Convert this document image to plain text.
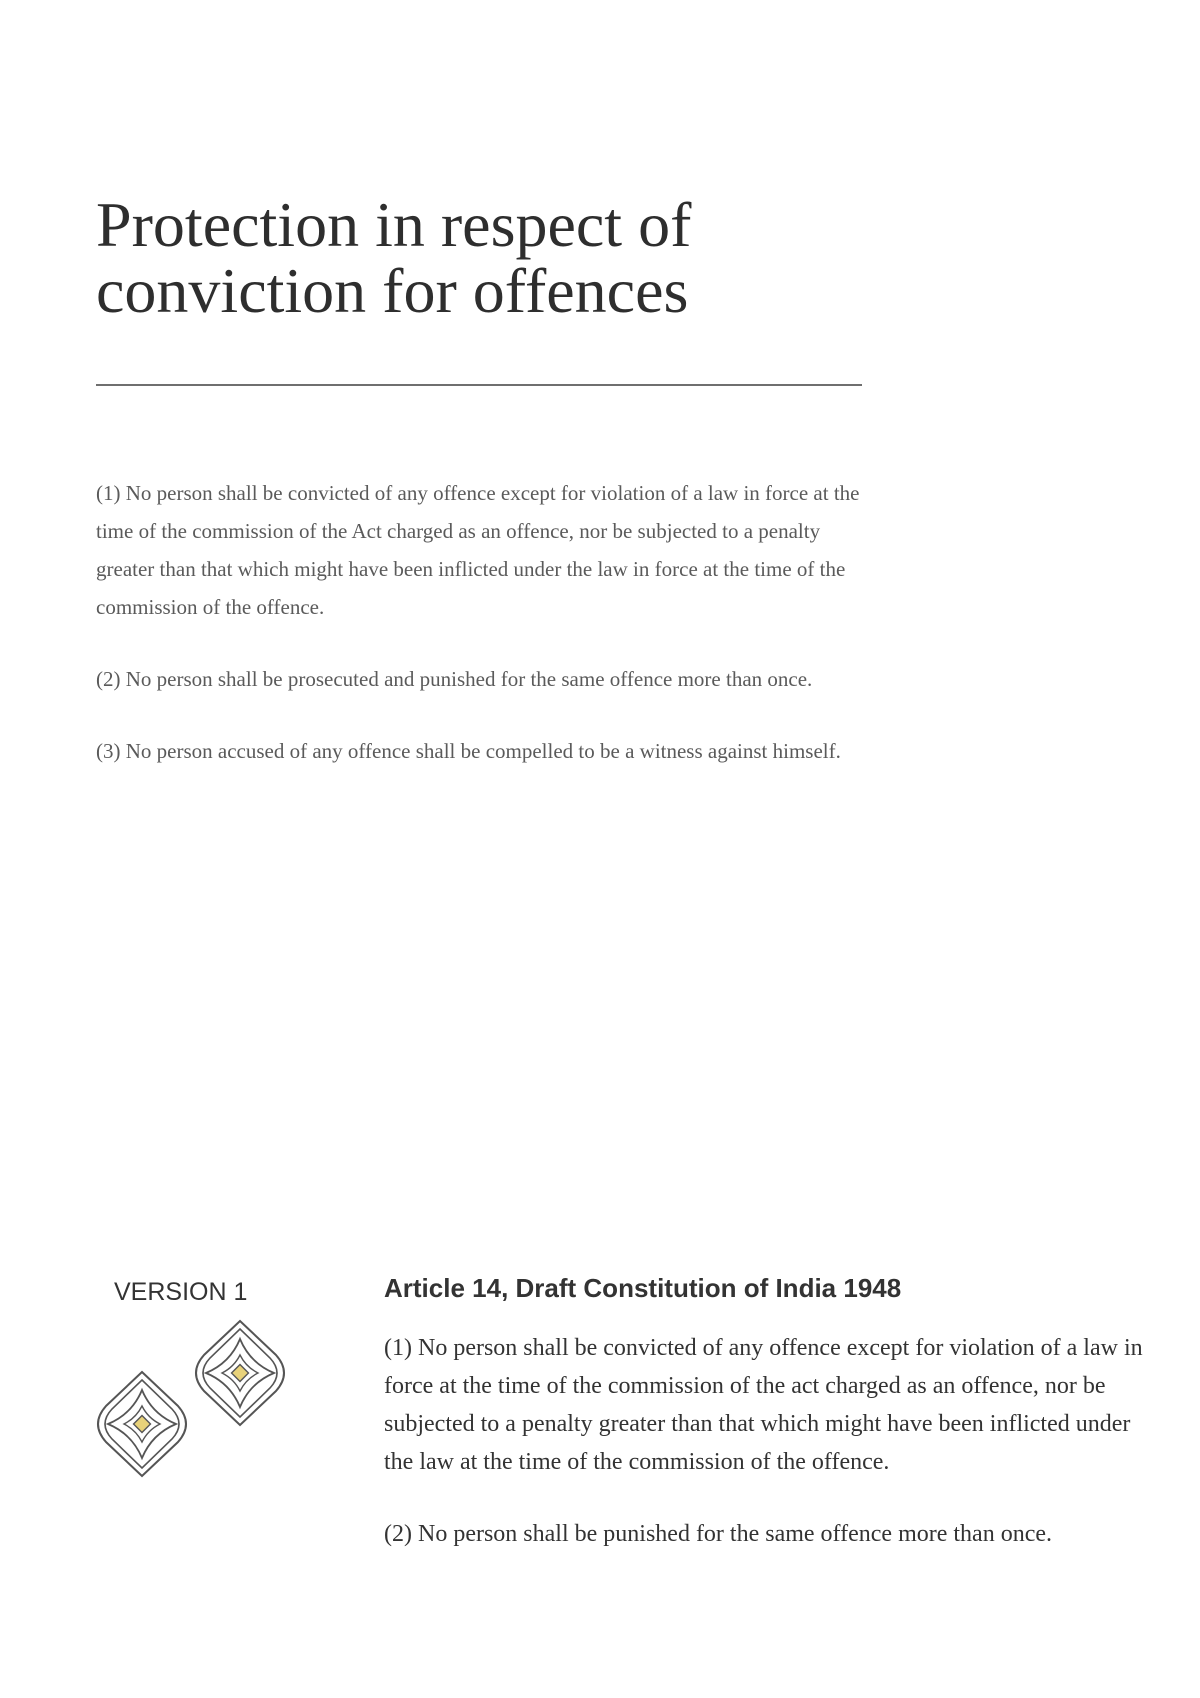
Protection in respect of conviction for offences

(1) No person shall be convicted of any offence except for violation of a law in force at the time of the commission of the Act charged as an offence, nor be subjected to a penalty greater than that which might have been inflicted under the law in force at the time of the commission of the offence.

(2) No person shall be prosecuted and punished for the same offence more than once.

(3) No person accused of any offence shall be compelled to be a witness against himself.

VERSION 1	Article 14, Draft Constitution of India 1948

(1) No person shall be convicted of any offence except for violation of a law in force at the time of the commission of the act charged as an offence, nor be subjected to a penalty greater than that which might have been inflicted under the law at the time of the commission of the offence.

(2) No person shall be punished for the same offence more than once.
